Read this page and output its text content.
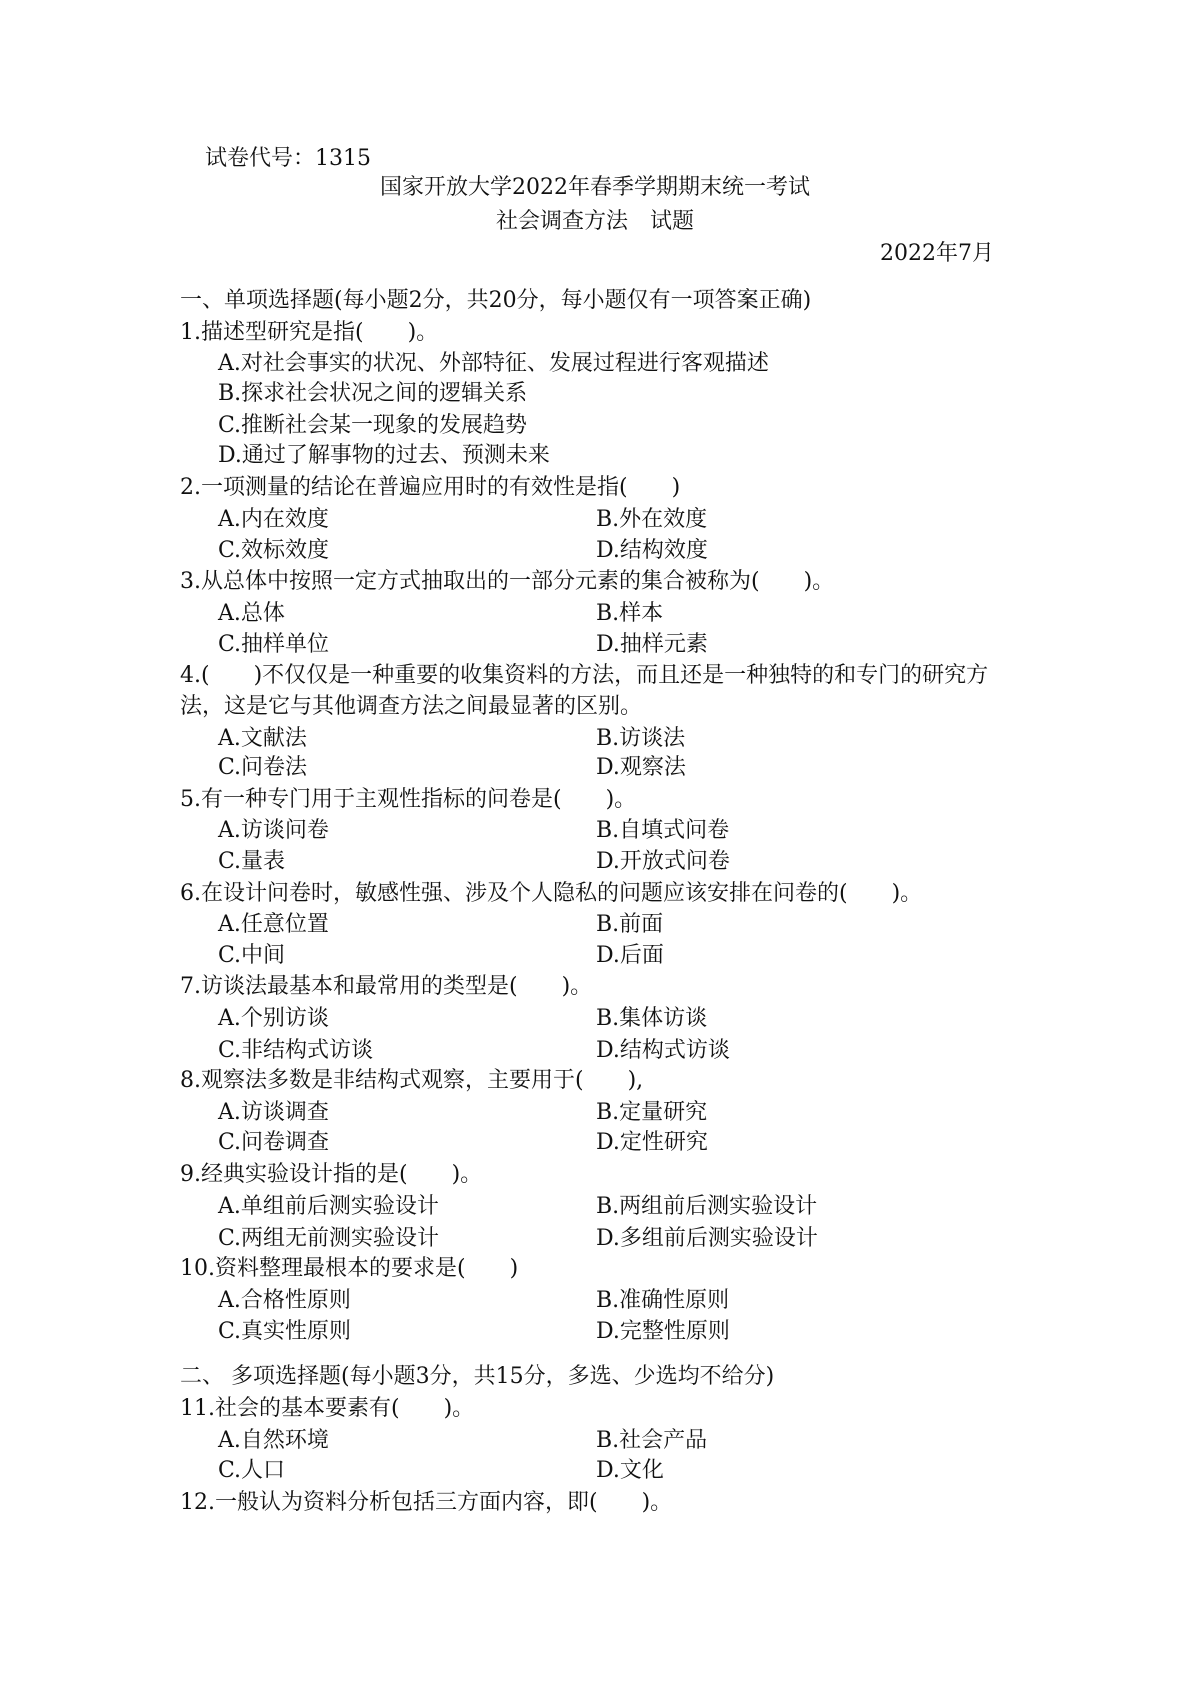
试卷代号：1315
国家开放大学2022年春季学期期末统一考试
社会调查方法　试题
2022年7月
一、单项选择题(每小题2分，共20分，每小题仅有一项答案正确)
1.描述型研究是指(　　)。
A.对社会事实的状况、外部特征、发展过程进行客观描述
B.探求社会状况之间的逻辑关系
C.推断社会某一现象的发展趋势
D.通过了解事物的过去、预测未来
2.一项测量的结论在普遍应用时的有效性是指(　　)
A.内在效度	B.外在效度
C.效标效度	D.结构效度
3.从总体中按照一定方式抽取出的一部分元素的集合被称为(　　)。
A.总体	B.样本
C.抽样单位	D.抽样元素
4.(　　)不仅仅是一种重要的收集资料的方法，而且还是一种独特的和专门的研究方法，这是它与其他调查方法之间最显著的区别。
A.文献法	B.访谈法
C.问卷法	D.观察法
5.有一种专门用于主观性指标的问卷是(　　)。
A.访谈问卷	B.自填式问卷
C.量表	D.开放式问卷
6.在设计问卷时，敏感性强、涉及个人隐私的问题应该安排在问卷的(　　)。
A.任意位置	B.前面
C.中间	D.后面
7.访谈法最基本和最常用的类型是(　　)。
A.个别访谈	B.集体访谈
C.非结构式访谈	D.结构式访谈
8.观察法多数是非结构式观察，主要用于(　　),
A.访谈调查	B.定量研究
C.问卷调查	D.定性研究
9.经典实验设计指的是(　　)。
A.单组前后测实验设计	B.两组前后测实验设计
C.两组无前测实验设计	D.多组前后测实验设计
10.资料整理最根本的要求是(　　)
A.合格性原则	B.准确性原则
C.真实性原则	D.完整性原则
二、 多项选择题(每小题3分，共15分，多选、少选均不给分)
11.社会的基本要素有(　　)。
A.自然环境	B.社会产品
C.人口	D.文化
12.一般认为资料分析包括三方面内容，即(　　)。
